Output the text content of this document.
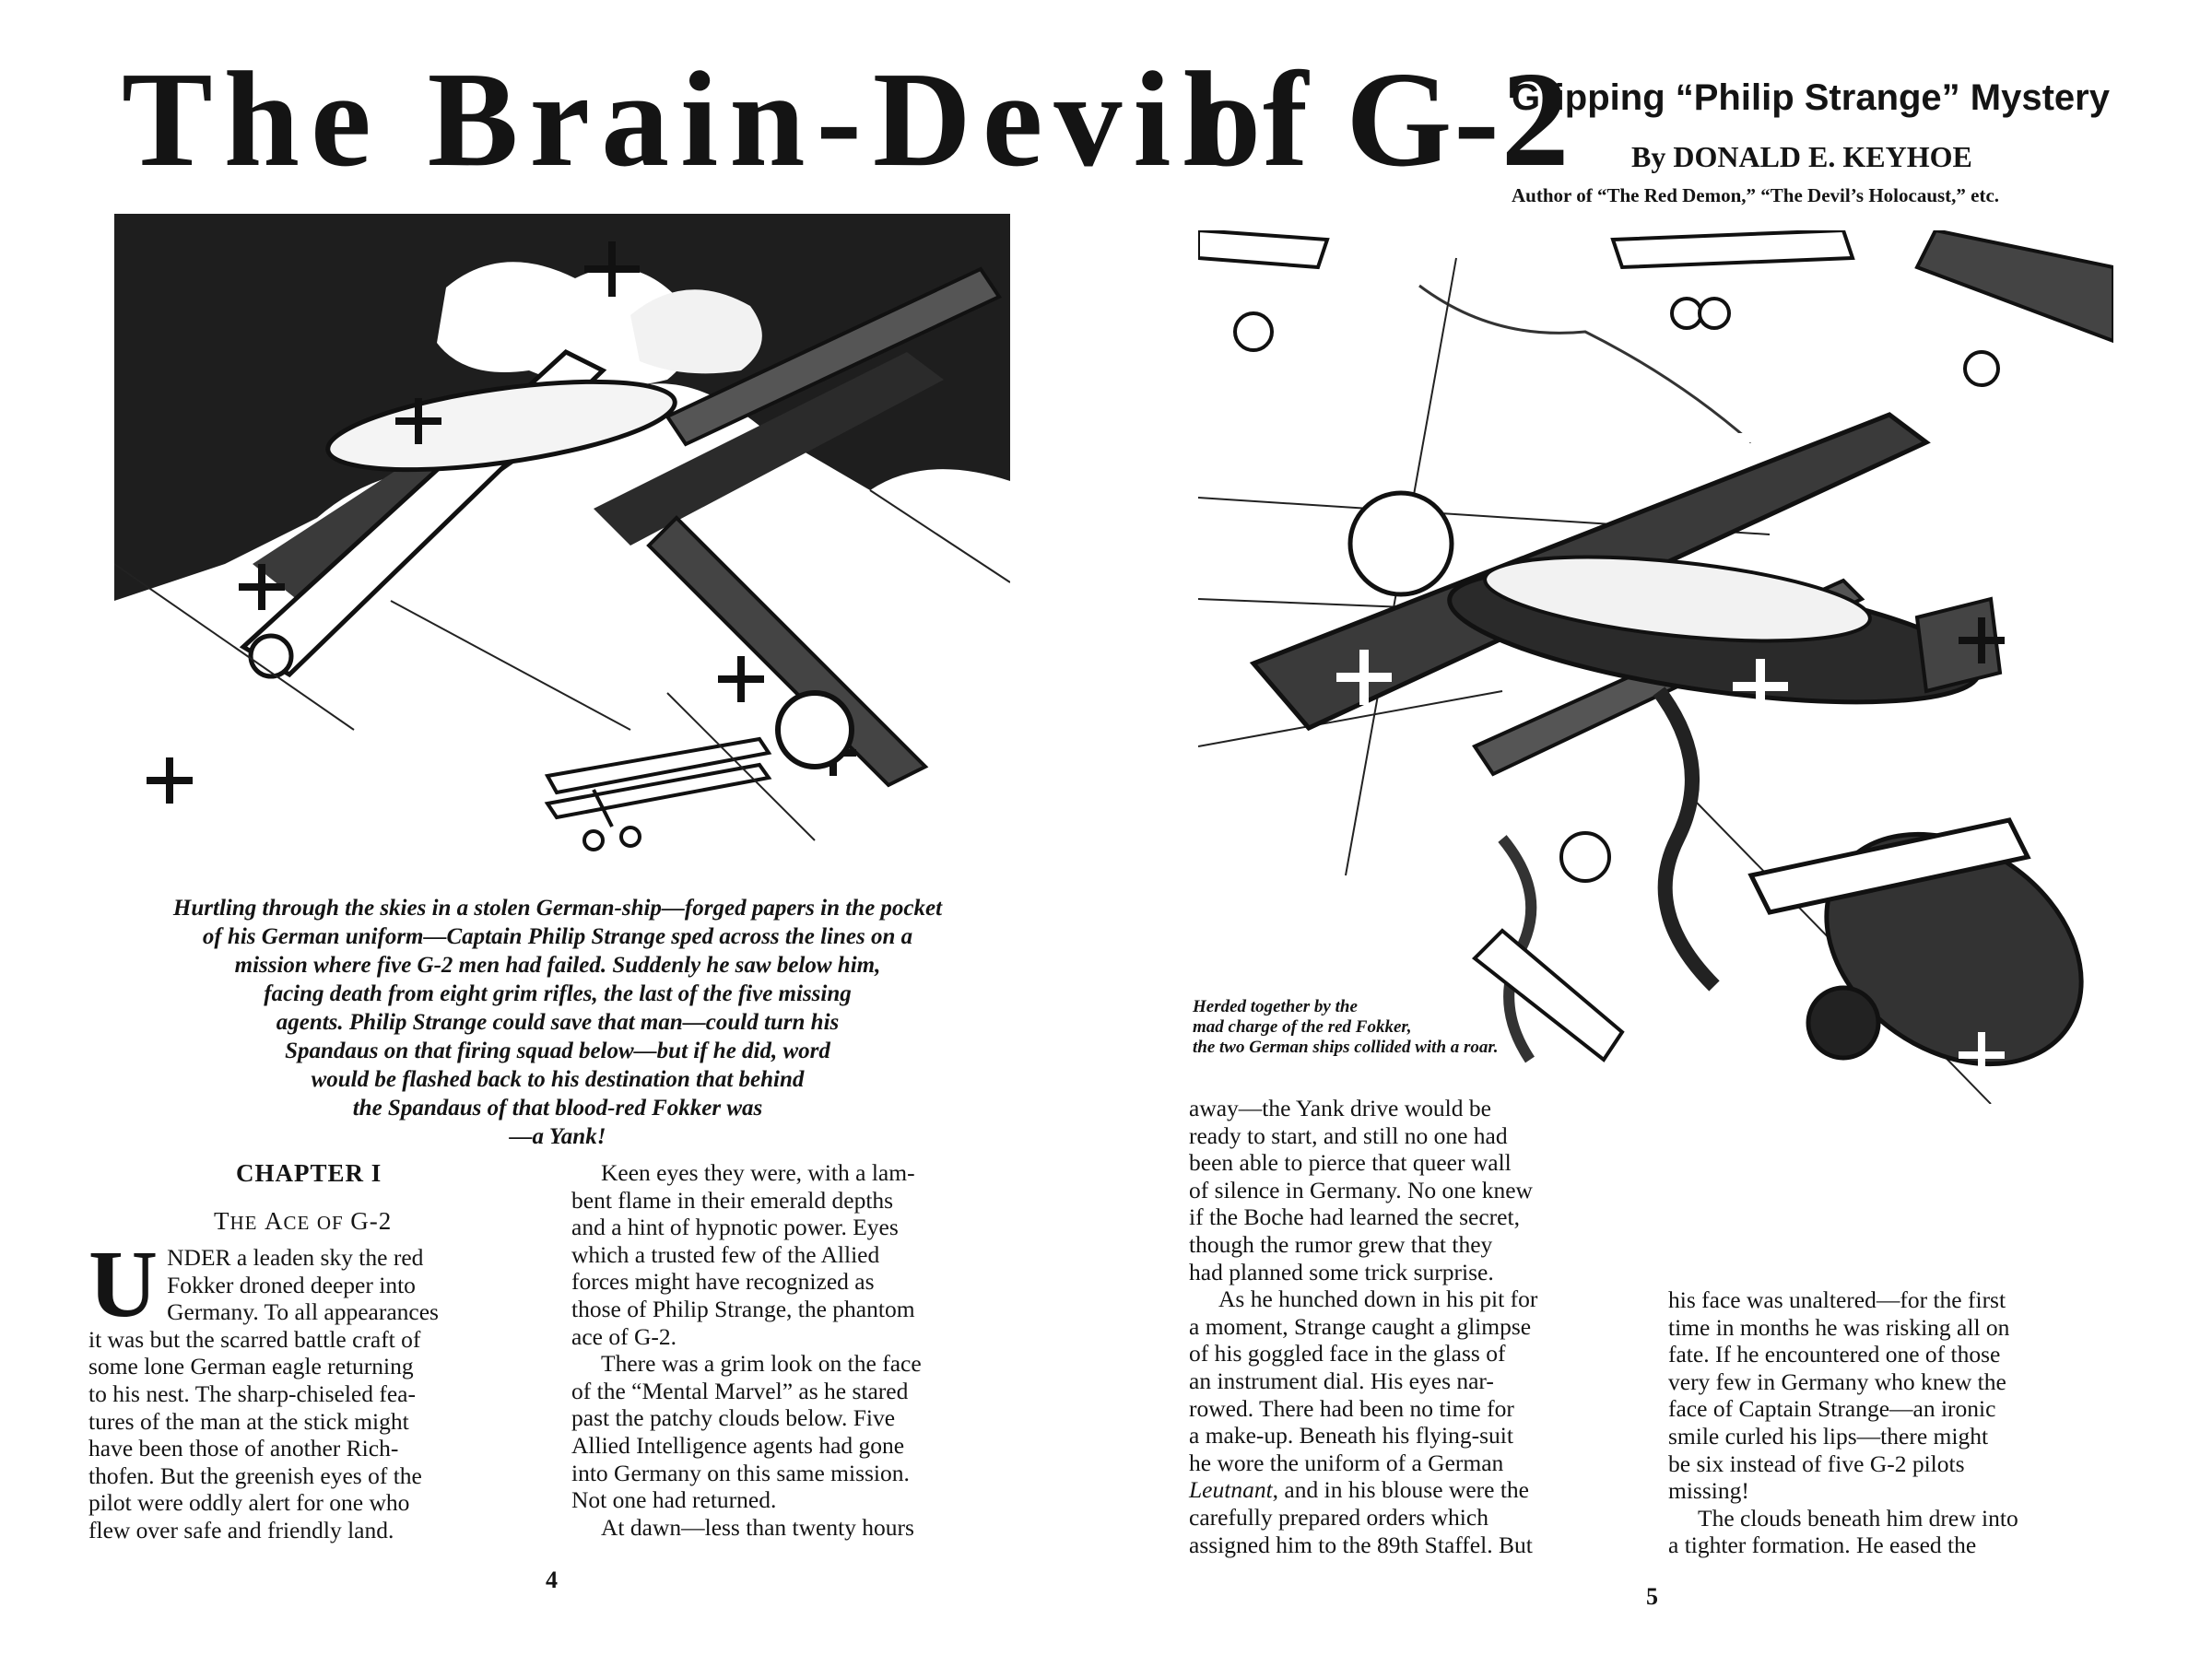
The Brain-Devil
of G-2
Gripping “Philip Strange” Mystery
By DONALD E. KEYHOE
Author of “The Red Demon,” “The Devil’s Holocaust,” etc.
Hurtling through the skies in a stolen German-ship—forged papers in the pocket
of his German uniform—Captain Philip Strange sped across the lines on a
mission where five G-2 men had failed. Suddenly he saw below him,
facing death from eight grim rifles, the last of the five missing
agents. Philip Strange could save that man—could turn his
Spandaus on that firing squad below—but if he did, word
would be flashed back to his destination that behind
the Spandaus of that blood-red Fokker was
—a Yank!
Herded together by the
mad charge of the red Fokker,
the two German ships collided with a roar.
CHAPTER I
THE ACE OF G-2

U NDER a leaden sky the red
Fokker droned deeper into
Germany. To all appearances
it was but the scarred battle craft of
some lone German eagle returning
to his nest. The sharp-chiseled fea-
tures of the man at the stick might
have been those of another Rich-
thofen. But the greenish eyes of the
pilot were oddly alert for one who
flew over safe and friendly land.

Keen eyes they were, with a lam-
bent flame in their emerald depths
and a hint of hypnotic power. Eyes
which a trusted few of the Allied
forces might have recognized as
those of Philip Strange, the phantom
ace of G-2.

There was a grim look on the face
of the “Mental Marvel” as he stared
past the patchy clouds below. Five
Allied Intelligence agents had gone
into Germany on this same mission.
Not one had returned.

At dawn—less than twenty hours

away—the Yank drive would be
ready to start, and still no one had
been able to pierce that queer wall
of silence in Germany. No one knew
if the Boche had learned the secret,
though the rumor grew that they
had planned some trick surprise.

As he hunched down in his pit for
a moment, Strange caught a glimpse
of his goggled face in the glass of
an instrument dial. His eyes nar-
rowed. There had been no time for
a make-up. Beneath his flying-suit
he wore the uniform of a German
Leutnant, and in his blouse were the
carefully prepared orders which
assigned him to the 89th Staffel. But

his face was unaltered—for the first
time in months he was risking all on
fate. If he encountered one of those
very few in Germany who knew the
face of Captain Strange—an ironic
smile curled his lips—there might
be six instead of five G-2 pilots
missing!

The clouds beneath him drew into
a tighter formation. He eased the

4
5
